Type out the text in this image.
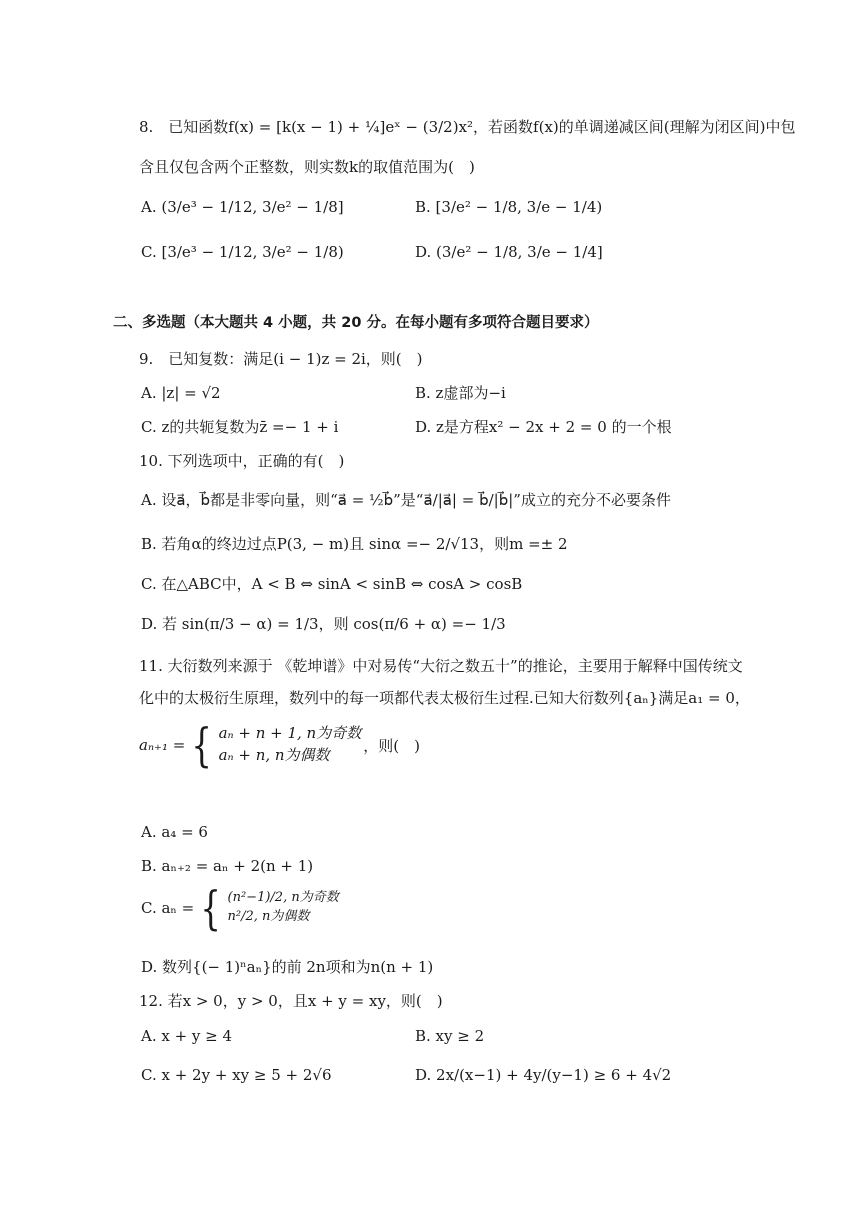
8.　已知函数f(x) = [k(x − 1) + ¼]eˣ − (3/2)x²，若函数f(x)的单调递减区间(理解为闭区间)中包
含且仅包含两个正整数，则实数k的取值范围为(　)
A. (3/e³ − 1/12, 3/e² − 1/8]	B. [3/e² − 1/8, 3/e − 1/4)
C. [3/e³ − 1/12, 3/e² − 1/8)	D. (3/e² − 1/8, 3/e − 1/4]
二、多选题（本大题共 4 小题，共 20 分。在每小题有多项符合题目要求）
9.　已知复数：满足(i − 1)z = 2i，则(　)
A. |z| = √2	B. z虚部为−i
C. z的共轭复数为z̄ =− 1 + i	D. z是方程x² − 2x + 2 = 0 的一个根
10. 下列选项中，正确的有(　)
A. 设a⃗，b⃗都是非零向量，则“a⃗ = ½b⃗”是“a⃗/|a⃗| = b⃗/|b⃗|”成立的充分不必要条件
B. 若角α的终边过点P(3, − m)且 sinα =− 2/√13，则m =± 2
C. 在△ABC中，A < B ⇔ sinA < sinB ⇔ cosA > cosB
D. 若 sin(π/3 − α) = 1/3，则 cos(π/6 + α) =− 1/3
11. 大衍数列来源于 《乾坤谱》中对易传“大衍之数五十”的推论，主要用于解释中国传统文
化中的太极衍生原理，数列中的每一项都代表太极衍生过程.已知大衍数列{aₙ}满足a₁ = 0，
aₙ₊₁ = { aₙ + n + 1, n为奇数
aₙ + n, n为偶数
，则(　)
A. a₄ = 6
B. aₙ₊₂ = aₙ + 2(n + 1)
C. aₙ = { (n²−1)/2, n为奇数
n²/2, n为偶数
D. 数列{(− 1)ⁿaₙ}的前 2n项和为n(n + 1)
12. 若x > 0，y > 0，且x + y = xy，则(　)
A. x + y ≥ 4	B. xy ≥ 2
C. x + 2y + xy ≥ 5 + 2√6	D. 2x/(x−1) + 4y/(y−1) ≥ 6 + 4√2
